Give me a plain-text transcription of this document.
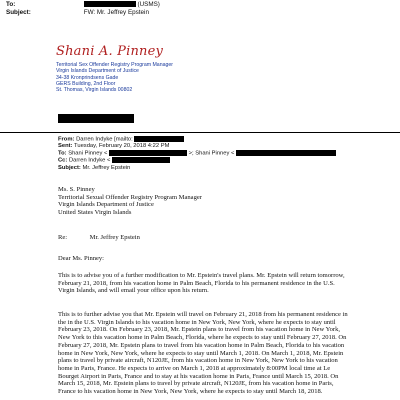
To:	(USMS)
Subject:	FW: Mr. Jeffrey Epstein
Shani A. Pinney
Territorial Sex Offender Registry Program Manager
Virgin Islands Department of Justice
34-38 Kronprindsens Gade
GERS Building, 2nd Floor
St. Thomas, Virgin Islands 00802
From: Darren Indyke [mailto:
Sent: Tuesday, February 20, 2018 4:22 PM
To: Shani Pinney <	>; Shani Pinney <
Cc: Darren Indyke <
Subject: Mr. Jeffrey Epstein
Ms. S. Pinney
Territorial Sexual Offender Registry Program Manager
Virgin Islands Department of Justice
United States Virgin Islands
Re:	Mr. Jeffrey Epstein
Dear Ms. Pinney:
This is to advise you of a further modification to Mr. Epstein's travel plans. Mr. Epstein will return tomorrow,
February 21, 2018, from his vacation home in Palm Beach, Florida to his permanent residence in the U.S.
Virgin Islands, and will email your office upon his return.
This is to further advise you that Mr. Epstein will travel on February 21, 2018 from his permanent residence in
the in the U.S. Virgin Islands to his vacation home in New York, New York, where he expects to stay until
February 23, 2018. On February 23, 2018, Mr. Epstein plans to travel from his vacation home in New York,
New York to this vacation home in Palm Beach, Florida, where he expects to stay until February 27, 2018. On
February 27, 2018, Mr. Epstein plans to travel from his vacation home in Palm Beach, Florida to his vacation
home in New York, New York, where he expects to stay until March 1, 2018. On March 1, 2018, Mr. Epstein
plans to travel by private aircraft, N120JE, from his vacation home in New York, New York to his vacation
home in Paris, France. He expects to arrive on March 1, 2018 at approximately 8:00PM local time at Le
Bourget Airport in Paris, France and to stay at his vacation home in Paris, France until March 15, 2018. On
March 15, 2018, Mr. Epstein plans to travel by private aircraft, N120JE, from his vacation home in Paris,
France to his vacation home in New York, New York, where he expects to stay until March 18, 2018.
